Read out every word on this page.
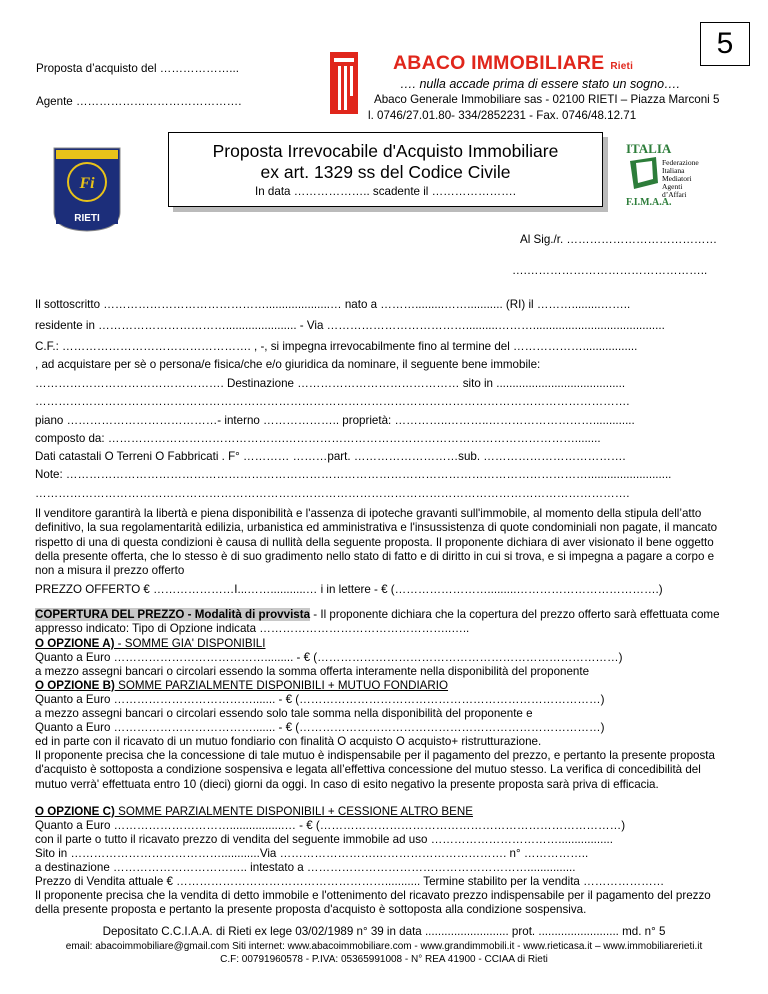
5
Proposta d’acquisto del ………………...
Agente …………………………………….
ABACO IMMOBILIARE Rieti
…. nulla accade prima di essere stato un sogno….
Abaco Generale Immobiliare sas - 02100 RIETI – Piazza Marconi 5
l. 0746/27.01.80- 334/2852231 - Fax. 0746/48.12.71
Fi
RIETI
Proposta Irrevocabile d'Acquisto Immobiliare
ex art. 1329 ss del Codice Civile
In data ……………….. scadente il ………………….
ITALIA
Federazione
Italiana
Mediatori
Agenti
d’Affari
F.I.M.A.A.
Al Sig./r. …………………………………
….………………………………………..
Il sottoscritto ……………………………………....................… nato a ……….........……........... (RI) il ……….........……..
residente in ……………………………...................... - Via ………………………………..........……….........................................
C.F.: …………………………………………. , -, si impegna irrevocabilmente fino al termine del ……………….................
, ad acquistare per sè o persona/e fisica/che e/o giuridica da nominare, il seguente bene immobile:
…………………………………………. Destinazione …………………………………… sito in ........................................
……………………………………………………………………………………………………………………………………….
piano …………………………………- interno ……………….. proprietà: …………..………..……………………….............
composto da: ……………………………………….…………………………………………………………………........
Dati catastali O Terreni O Fabbricati . F° ………… ………part. ………………………sub. ……………………………….
Note: ………………………………………………………………………………………………………………………..........................
……………………………………………………………………………………………………………………………………….
Il venditore garantirà la libertà e piena disponibilità e l'assenza di ipoteche gravanti sull'immobile, al momento della stipula dell’atto definitivo, la sua regolamentarità edilizia, urbanistica ed amministrativa e l'insussistenza di quote condominiali non pagate, il mancato rispetto di una di questa condizioni è causa di nullità della seguente proposta. Il proponente dichiara di aver visionato il bene oggetto della presente offerta, che lo stesso è di suo gradimento nello stato di fatto e di diritto in cui si trova, e si impegna a pagare a corpo e non a misura il prezzo offerto
PREZZO OFFERTO € …………………I...……...........… i in lettere - € (…………………….........……………………………….)
COPERTURA DEL PREZZO - Modalità di provvista - Il proponente dichiara che la copertura del prezzo offerto sarà effettuata come appresso indicato: Tipo di Opzione indicata …………………………………………..…..
O OPZIONE A) - SOMME GIA' DISPONIBILI
Quanto a Euro …………………………………......... - € (……………………………………………………………………)
a mezzo assegni bancari o circolari essendo la somma offerta interamente nella disponibilità del proponente
O OPZIONE B) SOMME PARZIALMENTE DISPONIBILI + MUTUO FONDIARIO
Quanto a Euro ………………………………....... - € (……………………………………………………………………)
a mezzo assegni bancari o circolari essendo solo tale somma nella disponibilità del proponente e
Quanto a Euro ………………………………....... - € (……………………………………………………………………)
ed in parte con il ricavato di un mutuo fondiario con finalità O acquisto O acquisto+ ristrutturazione.
Il proponente precisa che la concessione di tale mutuo è indispensabile per il pagamento del prezzo, e pertanto la presente proposta d'acquisto è sottoposta a condizione sospensiva e legata all’effettiva concessione del mutuo stesso. La verifica di concedibilità del mutuo verrà' effettuata entro 10 (dieci) giorni da oggi. In caso di esito negativo la presente proposta sarà priva di efficacia.
O OPZIONE C) SOMME PARZIALMENTE DISPONIBILI + CESSIONE ALTRO BENE
Quanto a Euro ………………………….................… - € (……………………………………………………………………)
con il parte o tutto il ricavato prezzo di vendita del seguente immobile ad uso …………………………….................
Sito in …………………………………............Via …………………….……………………………. n° ……………..
a destinazione …………………………….. intestato a …………………………………………………...............
Prezzo di Vendita attuale € ………………………………………………........... Termine stabilito per la vendita …………………
Il proponente precisa che la vendita di detto immobile e l'ottenimento del ricavato prezzo indispensabile per il pagamento del prezzo della presente proposta e pertanto la presente proposta d'acquisto è sottoposta alla condizione sospensiva.
Depositato C.C.I.A.A. di Rieti ex lege 03/02/1989 n° 39 in data .......................... prot. ......................... md. n° 5
email: abacoimmobiliare@gmail.com Siti internet: www.abacoimmobiliare.com - www.grandimmobili.it - www.rieticasa.it – www.immobiliarerieti.it
C.F: 00791960578 - P.IVA: 05365991008 - N° REA 41900 - CCIAA di Rieti
